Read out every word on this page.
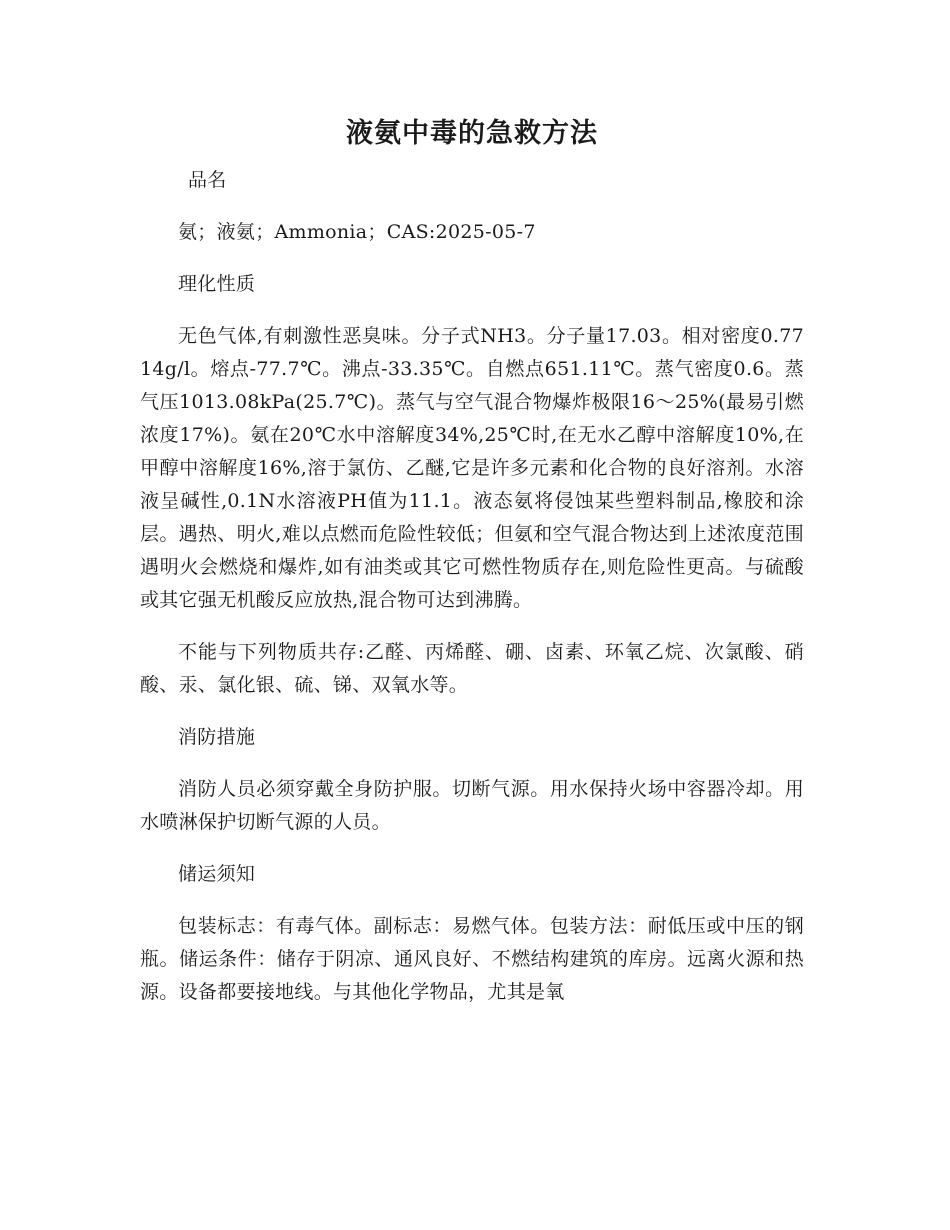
液氨中毒的急救方法

品名

氨；液氨；Ammonia；CAS:2025-05-7

理化性质

无色气体,有刺激性恶臭味。分子式NH3。分子量17.03。相对密度0.7714g/l。熔点-77.7℃。沸点-33.35℃。自燃点651.11℃。蒸气密度0.6。蒸气压1013.08kPa(25.7℃)。蒸气与空气混合物爆炸极限16～25%(最易引燃浓度17%)。氨在20℃水中溶解度34%,25℃时,在无水乙醇中溶解度10%,在甲醇中溶解度16%,溶于氯仿、乙醚,它是许多元素和化合物的良好溶剂。水溶液呈碱性,0.1N水溶液PH值为11.1。液态氨将侵蚀某些塑料制品,橡胶和涂层。遇热、明火,难以点燃而危险性较低；但氨和空气混合物达到上述浓度范围遇明火会燃烧和爆炸,如有油类或其它可燃性物质存在,则危险性更高。与硫酸或其它强无机酸反应放热,混合物可达到沸腾。

不能与下列物质共存:乙醛、丙烯醛、硼、卤素、环氧乙烷、次氯酸、硝酸、汞、氯化银、硫、锑、双氧水等。

消防措施

消防人员必须穿戴全身防护服。切断气源。用水保持火场中容器冷却。用水喷淋保护切断气源的人员。

储运须知

包装标志：有毒气体。副标志：易燃气体。包装方法：耐低压或中压的钢瓶。储运条件：储存于阴凉、通风良好、不燃结构建筑的库房。远离火源和热源。设备都要接地线。与其他化学物品，尤其是氧
